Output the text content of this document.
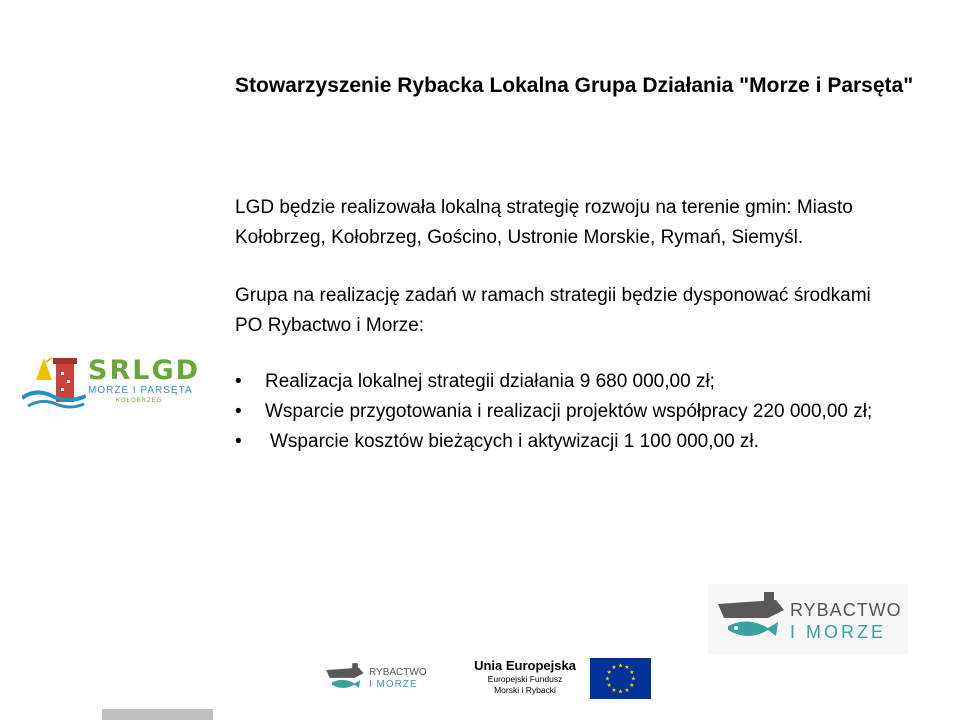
Stowarzyszenie Rybacka Lokalna Grupa Działania "Morze i Parsęta"
LGD będzie realizowała lokalną strategię rozwoju na terenie gmin: Miasto
Kołobrzeg, Kołobrzeg, Gościno, Ustronie Morskie, Rymań, Siemyśl.
Grupa na realizację zadań w ramach strategii będzie dysponować środkami
PO Rybactwo i Morze:
• Realizacja lokalnej strategii działania 9 680 000,00 zł;
• Wsparcie przygotowania i realizacji projektów współpracy 220 000,00 zł;
• Wsparcie kosztów bieżących i aktywizacji 1 100 000,00 zł.
SRLGD
MORZE I PARSĘTA
KOŁOBRZEG
RYBACTWO
I MORZE
RYBACTWO
I MORZE
Unia Europejska
Europejski Fundusz
Morski i Rybacki
★ ★
★
★
★
★
★
★
★
★
★
★
